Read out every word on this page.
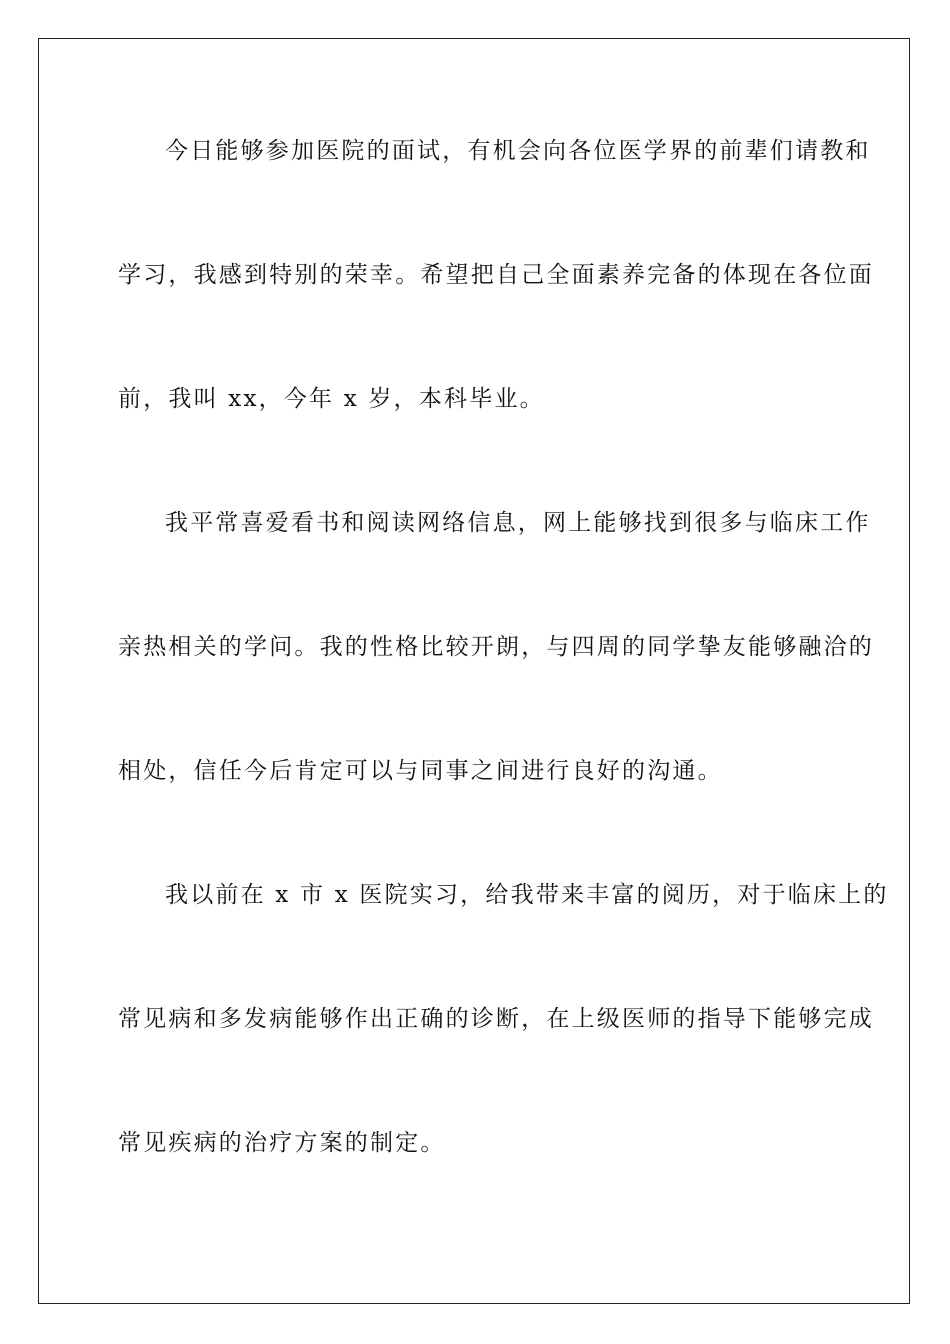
今日能够参加医院的面试，有机会向各位医学界的前辈们请教和
学习，我感到特别的荣幸。希望把自己全面素养完备的体现在各位面
前，我叫 xx，今年 x 岁，本科毕业。
我平常喜爱看书和阅读网络信息，网上能够找到很多与临床工作
亲热相关的学问。我的性格比较开朗，与四周的同学挚友能够融洽的
相处，信任今后肯定可以与同事之间进行良好的沟通。
我以前在 x 市 x 医院实习，给我带来丰富的阅历，对于临床上的
常见病和多发病能够作出正确的诊断，在上级医师的指导下能够完成
常见疾病的治疗方案的制定。
